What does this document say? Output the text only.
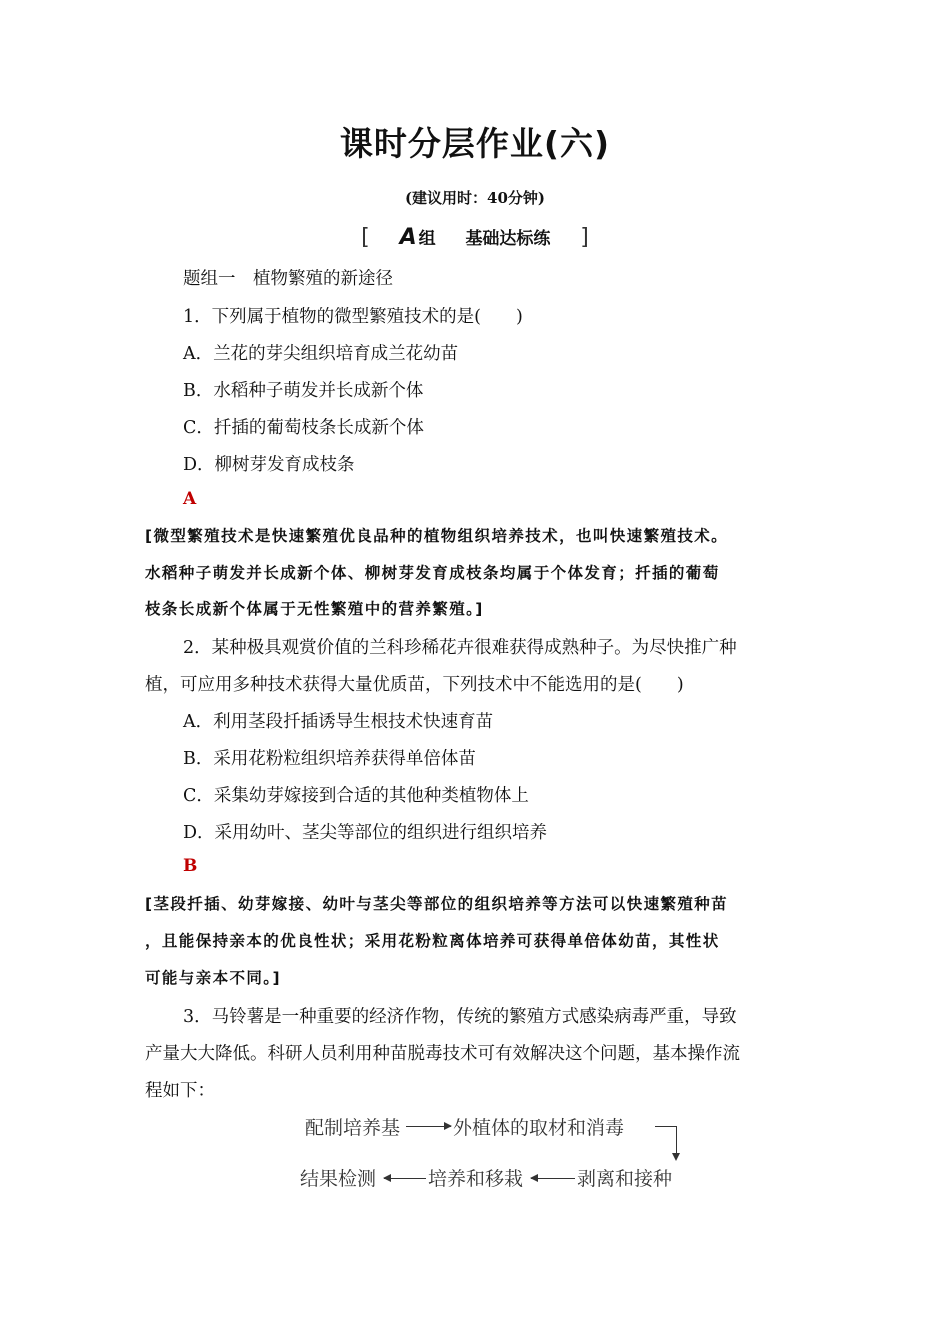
课时分层作业(六)
(建议用时：40分钟)
[ A 组 基础达标练 ]
题组一　植物繁殖的新途径
1．下列属于植物的微型繁殖技术的是(　　)
A．兰花的芽尖组织培育成兰花幼苗
B．水稻种子萌发并长成新个体
C．扦插的葡萄枝条长成新个体
D．柳树芽发育成枝条
A
[微型繁殖技术是快速繁殖优良品种的植物组织培养技术，也叫快速繁殖技术。
水稻种子萌发并长成新个体、柳树芽发育成枝条均属于个体发育；扦插的葡萄
枝条长成新个体属于无性繁殖中的营养繁殖。]
2．某种极具观赏价值的兰科珍稀花卉很难获得成熟种子。为尽快推广种
植，可应用多种技术获得大量优质苗，下列技术中不能选用的是(　　)
A．利用茎段扦插诱导生根技术快速育苗
B．采用花粉粒组织培养获得单倍体苗
C．采集幼芽嫁接到合适的其他种类植物体上
D．采用幼叶、茎尖等部位的组织进行组织培养
B
[茎段扦插、幼芽嫁接、幼叶与茎尖等部位的组织培养等方法可以快速繁殖种苗
，且能保持亲本的优良性状；采用花粉粒离体培养可获得单倍体幼苗，其性状
可能与亲本不同。]
3．马铃薯是一种重要的经济作物，传统的繁殖方式感染病毒严重，导致
产量大大降低。科研人员利用种苗脱毒技术可有效解决这个问题，基本操作流
程如下：
配制培养基	外植体的取材和消毒
结果检测	培养和移栽	剥离和接种
